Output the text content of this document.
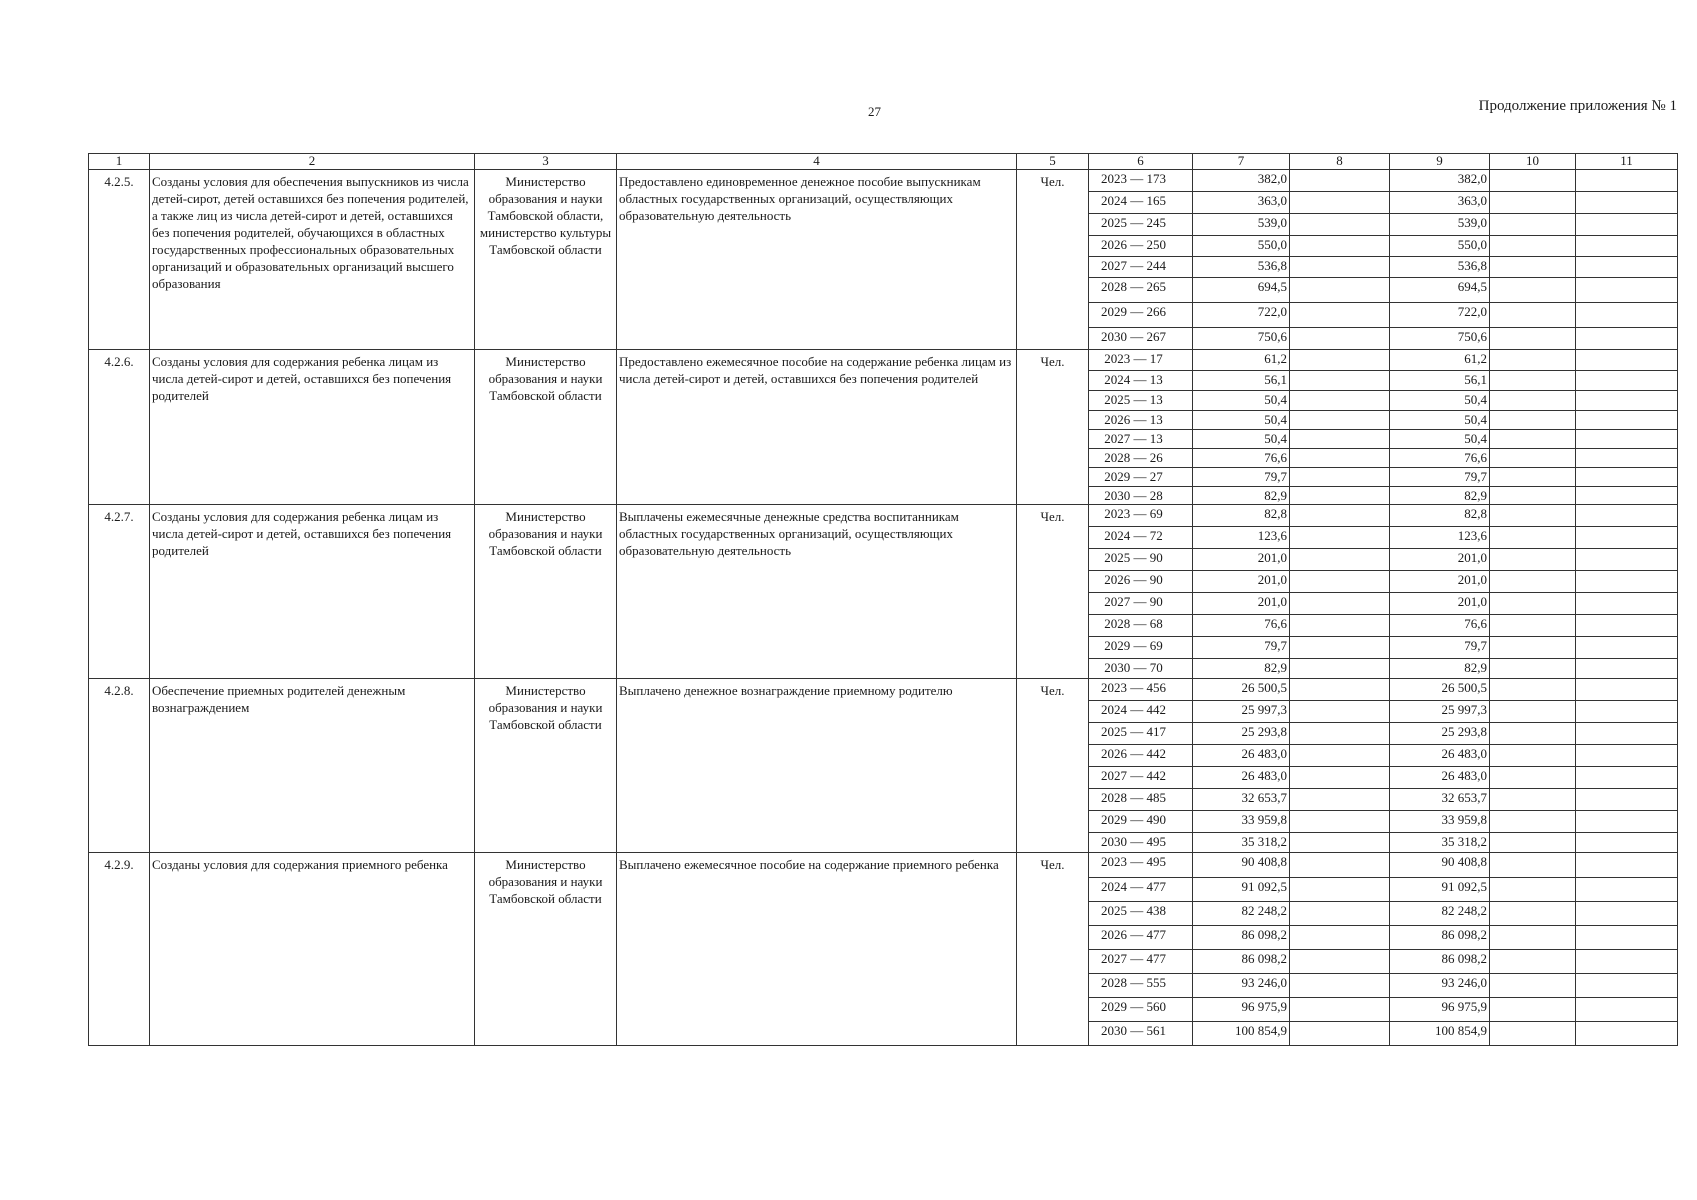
27	Продолжение приложения № 1
1	2	3	4	5	6	7	8	9	10	11
4.2.5.	Созданы условия для обеспечения выпускников из числа детей-сирот, детей оставшихся без попечения родителей, а также лиц из числа детей-сирот и детей, оставшихся без попечения родителей, обучающихся в областных государственных профессиональных образовательных организаций и образовательных организаций высшего образования	Министерство образования и науки Тамбовской области, министерство культуры Тамбовской области	Предоставлено единовременное денежное пособие выпускникам областных государственных организаций, осуществляющих образовательную деятельность	Чел.	2023 — 173	382,0		382,0		
					2024 — 165	363,0		363,0		
					2025 — 245	539,0		539,0		
					2026 — 250	550,0		550,0		
					2027 — 244	536,8		536,8		
					2028 — 265	694,5		694,5		
					2029 — 266	722,0		722,0		
					2030 — 267	750,6		750,6		
4.2.6.	Созданы условия для содержания ребенка лицам из числа детей-сирот и детей, оставшихся без попечения родителей	Министерство образования и науки Тамбовской области	Предоставлено ежемесячное пособие на содержание ребенка лицам из числа детей-сирот и детей, оставшихся без попечения родителей	Чел.	2023 — 17	61,2		61,2		
					2024 — 13	56,1		56,1		
					2025 — 13	50,4		50,4		
					2026 — 13	50,4		50,4		
					2027 — 13	50,4		50,4		
					2028 — 26	76,6		76,6		
					2029 — 27	79,7		79,7		
					2030 — 28	82,9		82,9		
4.2.7.	Созданы условия для содержания ребенка лицам из числа детей-сирот и детей, оставшихся без попечения родителей	Министерство образования и науки Тамбовской области	Выплачены ежемесячные денежные средства воспитанникам областных государственных организаций, осуществляющих образовательную деятельность	Чел.	2023 — 69	82,8		82,8		
					2024 — 72	123,6		123,6		
					2025 — 90	201,0		201,0		
					2026 — 90	201,0		201,0		
					2027 — 90	201,0		201,0		
					2028 — 68	76,6		76,6		
					2029 — 69	79,7		79,7		
					2030 — 70	82,9		82,9		
4.2.8.	Обеспечение приемных родителей денежным вознаграждением	Министерство образования и науки Тамбовской области	Выплачено денежное вознаграждение приемному родителю	Чел.	2023 — 456	26 500,5		26 500,5		
					2024 — 442	25 997,3		25 997,3		
					2025 — 417	25 293,8		25 293,8		
					2026 — 442	26 483,0		26 483,0		
					2027 — 442	26 483,0		26 483,0		
					2028 — 485	32 653,7		32 653,7		
					2029 — 490	33 959,8		33 959,8		
					2030 — 495	35 318,2		35 318,2		
4.2.9.	Созданы условия для содержания приемного ребенка	Министерство образования и науки Тамбовской области	Выплачено ежемесячное пособие на содержание приемного ребенка	Чел.	2023 — 495	90 408,8		90 408,8		
					2024 — 477	91 092,5		91 092,5		
					2025 — 438	82 248,2		82 248,2		
					2026 — 477	86 098,2		86 098,2		
					2027 — 477	86 098,2		86 098,2		
					2028 — 555	93 246,0		93 246,0		
					2029 — 560	96 975,9		96 975,9		
					2030 — 561	100 854,9		100 854,9		
